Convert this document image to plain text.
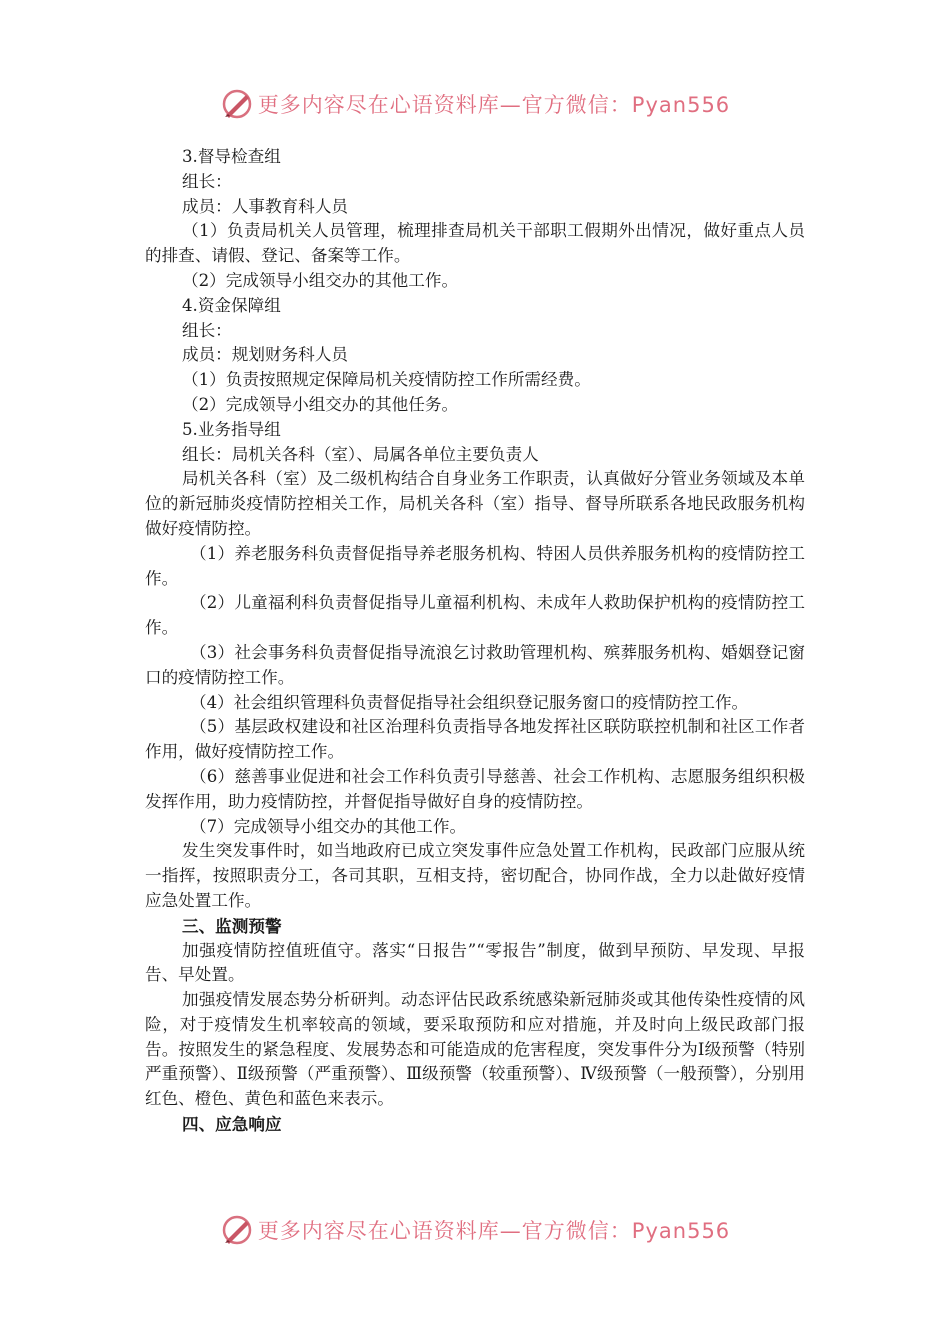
更多内容尽在心语资料库—官方微信：Pyan556

3.督导检查组

组长：

成员：人事教育科人员

（1）负责局机关人员管理，梳理排查局机关干部职工假期外出情况，做好重点人员的排查、请假、登记、备案等工作。

（2）完成领导小组交办的其他工作。

4.资金保障组

组长：

成员：规划财务科人员

（1）负责按照规定保障局机关疫情防控工作所需经费。

（2）完成领导小组交办的其他任务。

5.业务指导组

组长：局机关各科（室）、局属各单位主要负责人

局机关各科（室）及二级机构结合自身业务工作职责，认真做好分管业务领域及本单位的新冠肺炎疫情防控相关工作，局机关各科（室）指导、督导所联系各地民政服务机构做好疫情防控。

（1）养老服务科负责督促指导养老服务机构、特困人员供养服务机构的疫情防控工作。

（2）儿童福利科负责督促指导儿童福利机构、未成年人救助保护机构的疫情防控工作。

（3）社会事务科负责督促指导流浪乞讨救助管理机构、殡葬服务机构、婚姻登记窗口的疫情防控工作。

（4）社会组织管理科负责督促指导社会组织登记服务窗口的疫情防控工作。

（5）基层政权建设和社区治理科负责指导各地发挥社区联防联控机制和社区工作者作用，做好疫情防控工作。

（6）慈善事业促进和社会工作科负责引导慈善、社会工作机构、志愿服务组织积极发挥作用，助力疫情防控，并督促指导做好自身的疫情防控。

（7）完成领导小组交办的其他工作。

发生突发事件时，如当地政府已成立突发事件应急处置工作机构，民政部门应服从统一指挥，按照职责分工，各司其职，互相支持，密切配合，协同作战，全力以赴做好疫情应急处置工作。

三、监测预警

加强疫情防控值班值守。落实“日报告”“零报告”制度，做到早预防、早发现、早报告、早处置。

加强疫情发展态势分析研判。动态评估民政系统感染新冠肺炎或其他传染性疫情的风险，对于疫情发生机率较高的领域，要采取预防和应对措施，并及时向上级民政部门报告。按照发生的紧急程度、发展势态和可能造成的危害程度，突发事件分为Ⅰ级预警（特别严重预警）、Ⅱ级预警（严重预警）、Ⅲ级预警（较重预警）、Ⅳ级预警（一般预警），分别用红色、橙色、黄色和蓝色来表示。

四、应急响应

更多内容尽在心语资料库—官方微信：Pyan556
